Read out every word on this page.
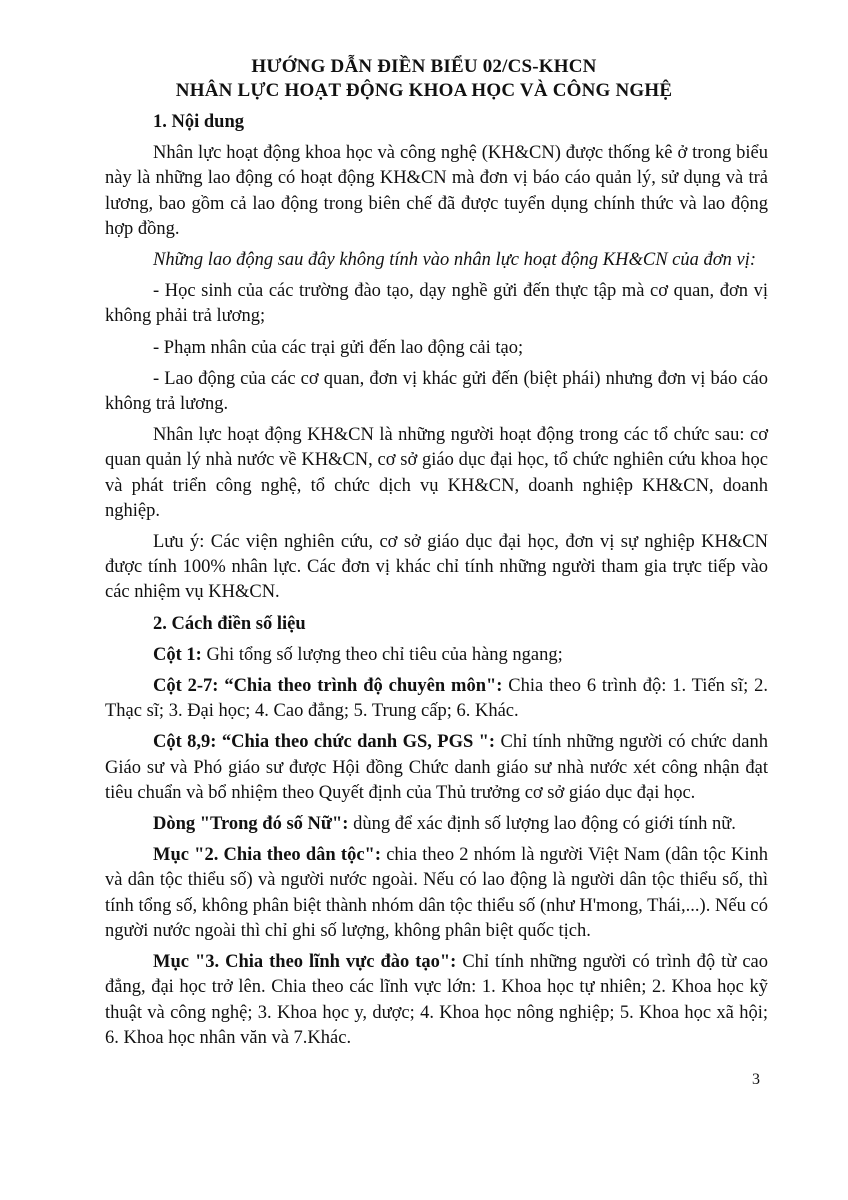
HƯỚNG DẪN ĐIỀN BIỂU 02/CS-KHCN
NHÂN LỰC HOẠT ĐỘNG KHOA HỌC VÀ CÔNG NGHỆ

1. Nội dung

Nhân lực hoạt động khoa học và công nghệ (KH&CN) được thống kê ở trong biểu này là những lao động có hoạt động KH&CN mà đơn vị báo cáo quản lý, sử dụng và trả lương, bao gồm cả lao động trong biên chế đã được tuyển dụng chính thức và lao động hợp đồng.

Những lao động sau đây không tính vào nhân lực hoạt động KH&CN của đơn vị:

- Học sinh của các trường đào tạo, dạy nghề gửi đến thực tập mà cơ quan, đơn vị không phải trả lương;

- Phạm nhân của các trại gửi đến lao động cải tạo;

- Lao động của các cơ quan, đơn vị khác gửi đến (biệt phái) nhưng đơn vị báo cáo không trả lương.

Nhân lực hoạt động KH&CN là những người hoạt động trong các tổ chức sau: cơ quan quản lý nhà nước về KH&CN, cơ sở giáo dục đại học, tổ chức nghiên cứu khoa học và phát triển công nghệ, tổ chức dịch vụ KH&CN, doanh nghiệp KH&CN, doanh nghiệp.

Lưu ý: Các viện nghiên cứu, cơ sở giáo dục đại học, đơn vị sự nghiệp KH&CN được tính 100% nhân lực. Các đơn vị khác chỉ tính những người tham gia trực tiếp vào các nhiệm vụ KH&CN.

2. Cách điền số liệu

Cột 1: Ghi tổng số lượng theo chỉ tiêu của hàng ngang;

Cột 2-7: “Chia theo trình độ chuyên môn": Chia theo 6 trình độ: 1. Tiến sĩ; 2. Thạc sĩ; 3. Đại học; 4. Cao đẳng; 5. Trung cấp; 6. Khác.

Cột 8,9: “Chia theo chức danh GS, PGS ": Chỉ tính những người có chức danh Giáo sư và Phó giáo sư được Hội đồng Chức danh giáo sư nhà nước xét công nhận đạt tiêu chuẩn và bổ nhiệm theo Quyết định của Thủ trưởng cơ sở giáo dục đại học.

Dòng "Trong đó số Nữ": dùng để xác định số lượng lao động có giới tính nữ.

Mục "2. Chia theo dân tộc": chia theo 2 nhóm là người Việt Nam (dân tộc Kinh và dân tộc thiểu số) và người nước ngoài. Nếu có lao động là người dân tộc thiểu số, thì tính tổng số, không phân biệt thành nhóm dân tộc thiểu số (như H'mong, Thái,...). Nếu có người nước ngoài thì chỉ ghi số lượng, không phân biệt quốc tịch.

Mục "3. Chia theo lĩnh vực đào tạo": Chỉ tính những người có trình độ từ cao đẳng, đại học trở lên. Chia theo các lĩnh vực lớn: 1. Khoa học tự nhiên; 2. Khoa học kỹ thuật và công nghệ; 3. Khoa học y, dược; 4. Khoa học nông nghiệp; 5. Khoa học xã hội; 6. Khoa học nhân văn và 7.Khác.

3
